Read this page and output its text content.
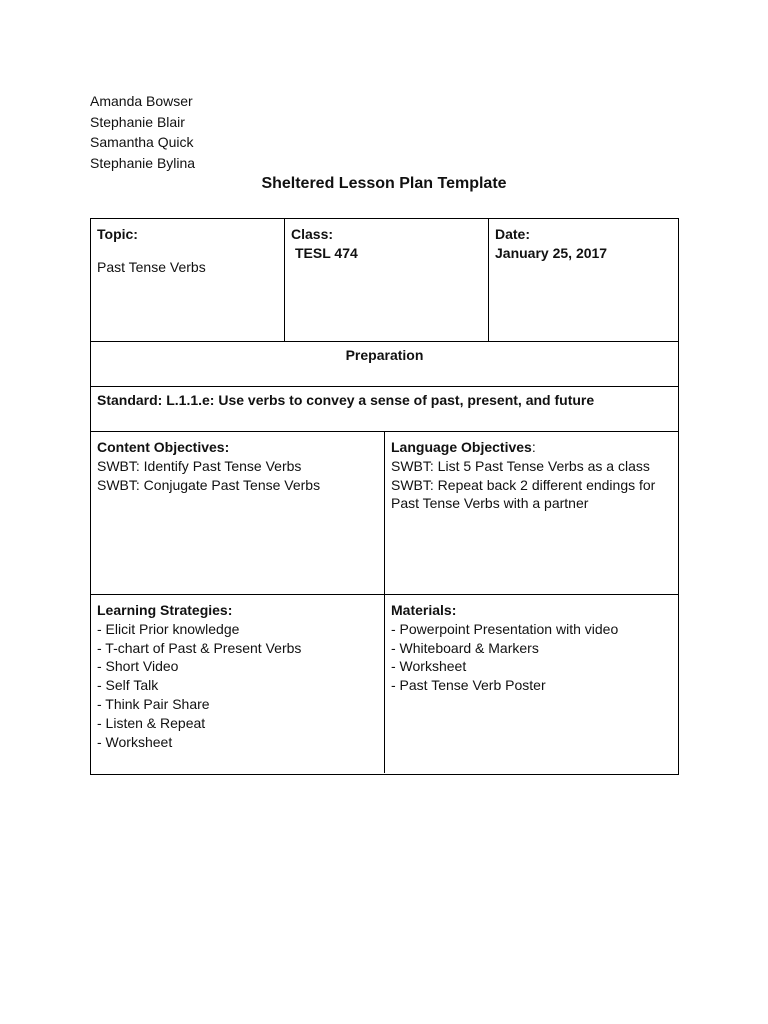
Amanda Bowser
Stephanie Blair
Samantha Quick
Stephanie Bylina
Sheltered Lesson Plan Template
Topic:
Past Tense Verbs
Class:
TESL 474
Date:
January 25, 2017
Preparation
Standard: L.1.1.e: Use verbs to convey a sense of past, present, and future
Content Objectives:
SWBT: Identify Past Tense Verbs
SWBT: Conjugate Past Tense Verbs
Language Objectives:
SWBT: List 5 Past Tense Verbs as a class
SWBT: Repeat back 2 different endings for
Past Tense Verbs with a partner
Learning Strategies:
- Elicit Prior knowledge
- T-chart of Past & Present Verbs
- Short Video
- Self Talk
- Think Pair Share
- Listen & Repeat
- Worksheet
Materials:
- Powerpoint Presentation with video
- Whiteboard & Markers
- Worksheet
- Past Tense Verb Poster
